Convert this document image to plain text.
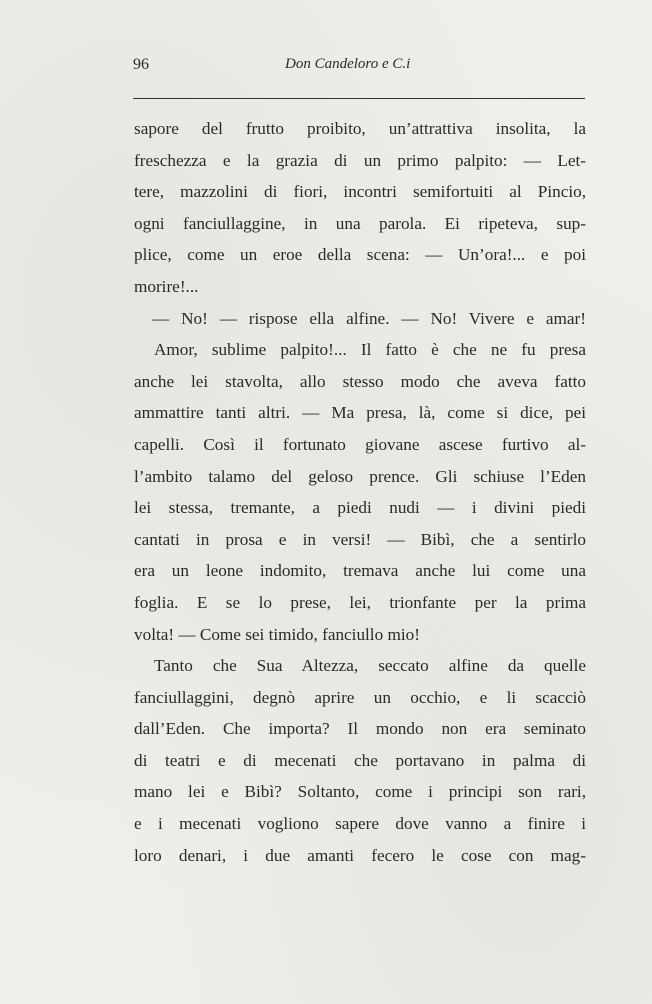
96	Don Candeloro e C.i
sapore del frutto proibito, un’attrattiva insolita, la
freschezza e la grazia di un primo palpito: — Let-
tere, mazzolini di fiori, incontri semifortuiti al Pincio,
ogni fanciullaggine, in una parola. Ei ripeteva, sup-
plice, come un eroe della scena: — Un’ora!... e poi
morire!...
— No! — rispose ella alfine. — No! Vivere e amar!
Amor, sublime palpito!... Il fatto è che ne fu presa
anche lei stavolta, allo stesso modo che aveva fatto
ammattire tanti altri. — Ma presa, là, come si dice, pei
capelli. Così il fortunato giovane ascese furtivo al-
l’ambito talamo del geloso prence. Gli schiuse l’Eden
lei stessa, tremante, a piedi nudi — i divini piedi
cantati in prosa e in versi! — Bibì, che a sentirlo
era un leone indomito, tremava anche lui come una
foglia. E se lo prese, lei, trionfante per la prima
volta! — Come sei timido, fanciullo mio!
Tanto che Sua Altezza, seccato alfine da quelle
fanciullaggini, degnò aprire un occhio, e li scacciò
dall’Eden. Che importa? Il mondo non era seminato
di teatri e di mecenati che portavano in palma di
mano lei e Bibì? Soltanto, come i principi son rari,
e i mecenati vogliono sapere dove vanno a finire i
loro denari, i due amanti fecero le cose con mag-
